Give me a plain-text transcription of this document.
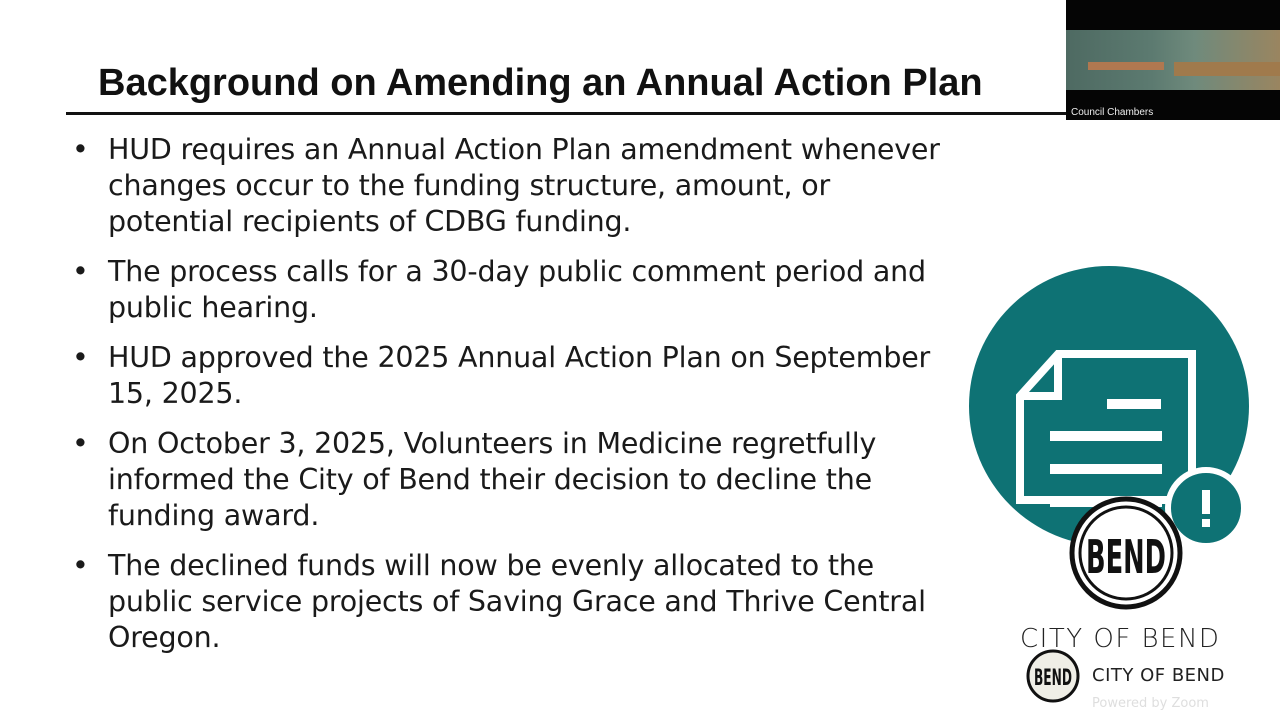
Background on Amending an Annual Action Plan
• HUD requires an Annual Action Plan amendment whenever changes occur to the funding structure, amount, or potential recipients of CDBG funding.
• The process calls for a 30-day public comment period and public hearing.
• HUD approved the 2025 Annual Action Plan on September 15, 2025.
• On October 3, 2025, Volunteers in Medicine regretfully informed the City of Bend their decision to decline the funding award.
• The declined funds will now be evenly allocated to the public service projects of Saving Grace and Thrive Central Oregon.
Council Chambers
BEND
BEND
CITY OF BEND
CITY OF BEND
Powered by Zoom
